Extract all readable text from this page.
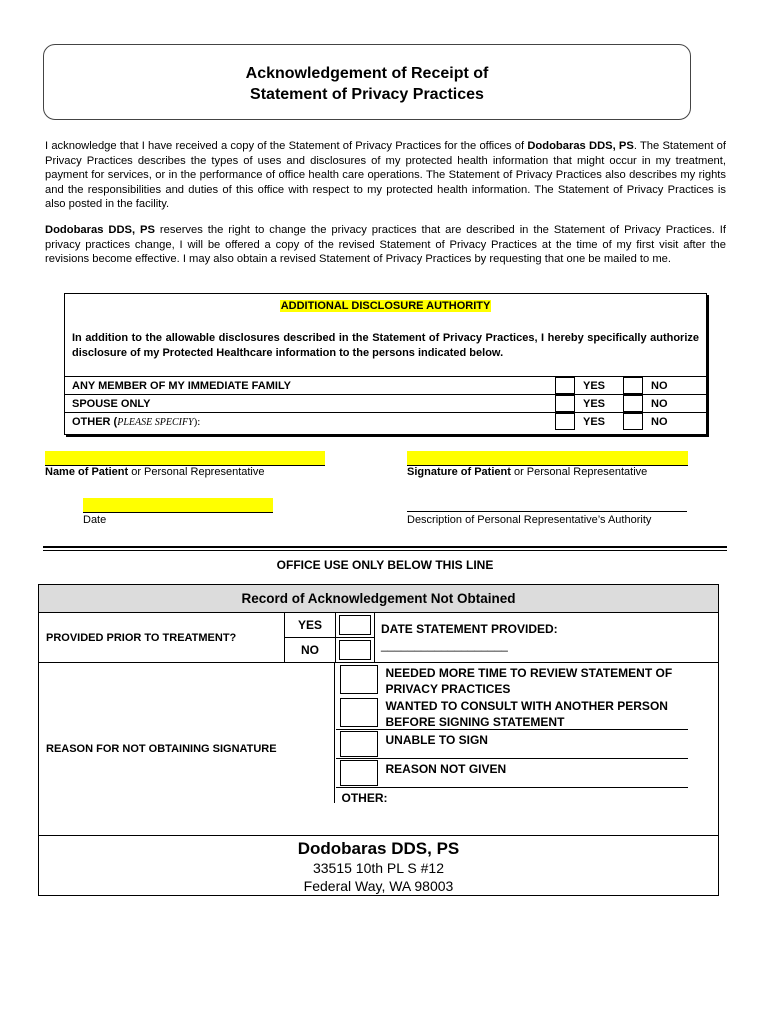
Acknowledgement of Receipt of
Statement of Privacy Practices
I acknowledge that I have received a copy of the Statement of Privacy Practices for the offices of Dodobaras DDS, PS. The Statement of Privacy Practices describes the types of uses and disclosures of my protected health information that might occur in my treatment, payment for services, or in the performance of office health care operations. The Statement of Privacy Practices also describes my rights and the responsibilities and duties of this office with respect to my protected health information. The Statement of Privacy Practices is also posted in the facility.
Dodobaras DDS, PS reserves the right to change the privacy practices that are described in the Statement of Privacy Practices. If privacy practices change, I will be offered a copy of the revised Statement of Privacy Practices at the time of my first visit after the revisions become effective. I may also obtain a revised Statement of Privacy Practices by requesting that one be mailed to me.
ADDITIONAL DISCLOSURE AUTHORITY
In addition to the allowable disclosures described in the Statement of Privacy Practices, I hereby specifically authorize disclosure of my Protected Healthcare information to the persons indicated below.
ANY MEMBER OF MY IMMEDIATE FAMILY	YES	NO
SPOUSE ONLY	YES	NO
OTHER (PLEASE SPECIFY):	YES	NO
Name of Patient or Personal Representative	Signature of Patient or Personal Representative
Date	Description of Personal Representative’s Authority
OFFICE USE ONLY BELOW THIS LINE
Record of Acknowledgement Not Obtained			
PROVIDED PRIOR TO TREATMENT?	YES		DATE STATEMENT PROVIDED:
___________________

	NO		
REASON FOR NOT OBTAINING SIGNATURE		NEEDED MORE TIME TO REVIEW STATEMENT OF PRIVACY PRACTICES
WANTED TO CONSULT WITH ANOTHER PERSON BEFORE SIGNING STATEMENT
UNABLE TO SIGN
REASON NOT GIVEN
OTHER:	

Dodobaras DDS, PS
33515 10th PL S #12
Federal Way, WA 98003			
